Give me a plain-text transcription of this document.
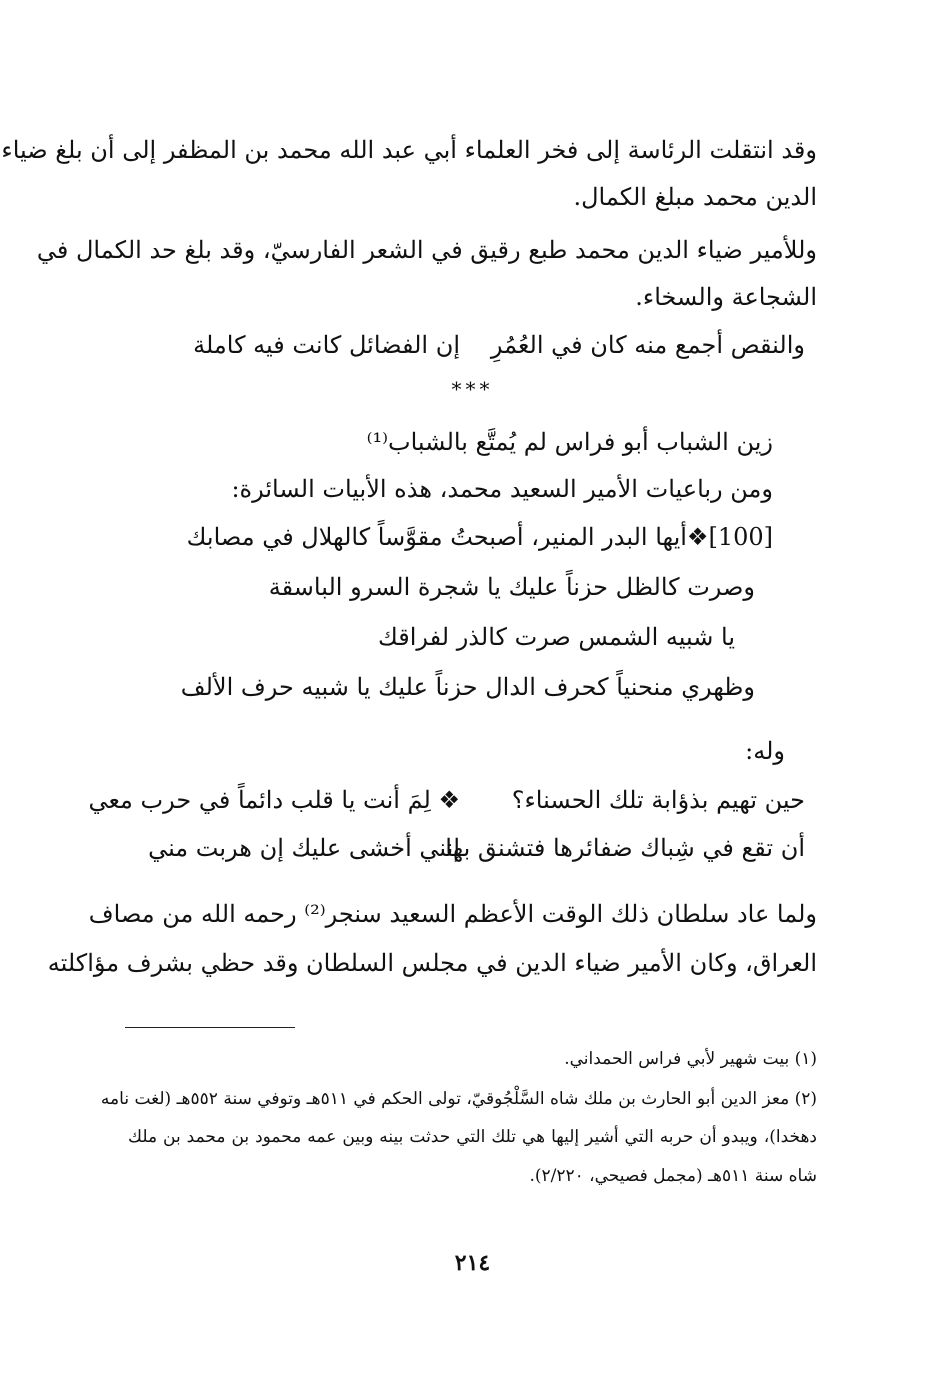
وقد انتقلت الرئاسة إلى فخر العلماء أبي عبد الله محمد بن المظفر إلى أن بلغ ضياء
الدين محمد مبلغ الكمال.
وللأمير ضياء الدين محمد طبع رقيق في الشعر الفارسيّ، وقد بلغ حد الكمال في
الشجاعة والسخاء.
إن الفضائل كانت فيه كاملة	والنقص أجمع منه كان في العُمُرِ
***
زين الشباب أبو فراس لم يُمتَّع بالشباب⁽¹⁾
ومن رباعيات الأمير السعيد محمد، هذه الأبيات السائرة:
[100]❖أيها البدر المنير، أصبحتُ مقوَّساً كالهلال في مصابك
وصرت كالظل حزناً عليك يا شجرة السرو الباسقة
يا شبيه الشمس صرت كالذر لفراقك
وظهري منحنياً كحرف الدال حزناً عليك يا شبيه حرف الألف
وله:
❖ لِمَ أنت يا قلب دائماً في حرب معي	حين تهيم بذؤابة تلك الحسناء؟
إنني أخشى عليك إن هربت مني
أن تقع في شِباك ضفائرها فتشنق بها
ولما عاد سلطان ذلك الوقت الأعظم السعيد سنجر⁽²⁾ رحمه الله من مصاف
العراق، وكان الأمير ضياء الدين في مجلس السلطان وقد حظي بشرف مؤاكلته
(١) بيت شهير لأبي فراس الحمداني.
(٢) معز الدين أبو الحارث بن ملك شاه السَّلْجُوقيّ، تولى الحكم في ٥١١هـ وتوفي سنة ٥٥٢هـ (لغت نامه
دهخدا)، ويبدو أن حربه التي أشير إليها هي تلك التي حدثت بينه وبين عمه محمود بن محمد بن ملك
شاه سنة ٥١١هـ (مجمل فصيحي، ٢/٢٢٠).
٢١٤
